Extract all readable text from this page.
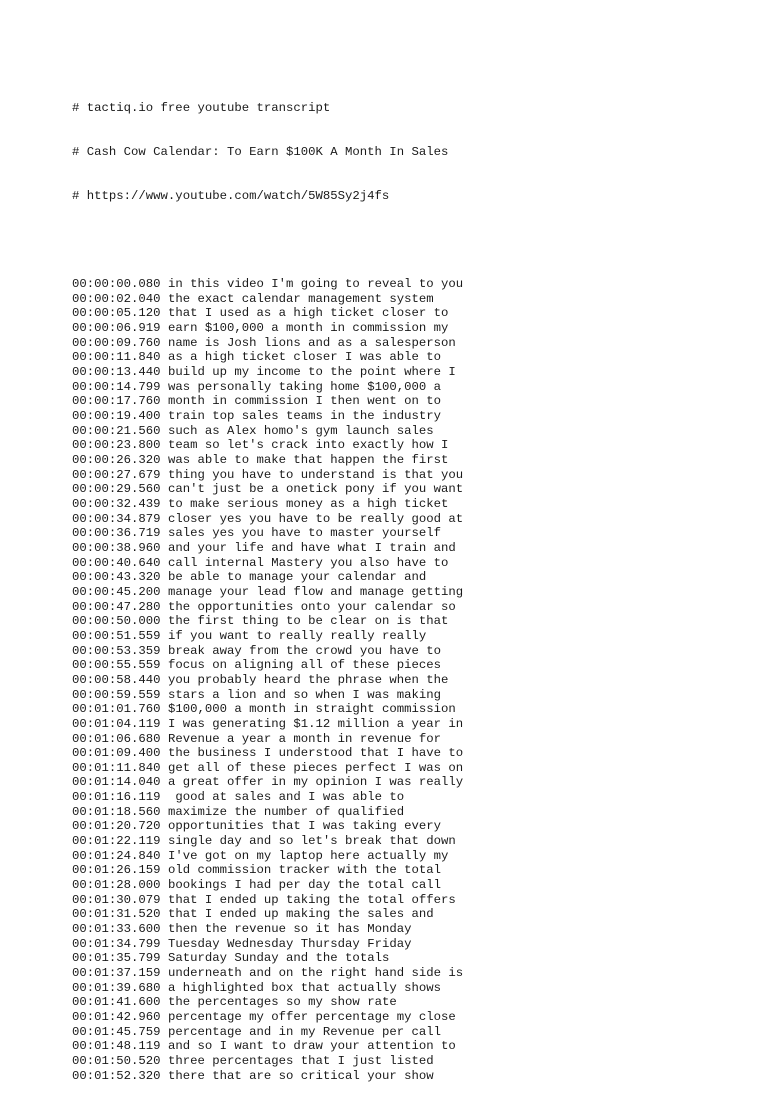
# tactiq.io free youtube transcript

# Cash Cow Calendar: To Earn $100K A Month In Sales

# https://www.youtube.com/watch/5W85Sy2j4fs

00:00:00.080 in this video I'm going to reveal to you
00:00:02.040 the exact calendar management system
00:00:05.120 that I used as a high ticket closer to
00:00:06.919 earn $100,000 a month in commission my
00:00:09.760 name is Josh lions and as a salesperson
00:00:11.840 as a high ticket closer I was able to
00:00:13.440 build up my income to the point where I
00:00:14.799 was personally taking home $100,000 a
00:00:17.760 month in commission I then went on to
00:00:19.400 train top sales teams in the industry
00:00:21.560 such as Alex homo's gym launch sales
00:00:23.800 team so let's crack into exactly how I
00:00:26.320 was able to make that happen the first
00:00:27.679 thing you have to understand is that you
00:00:29.560 can't just be a onetick pony if you want
00:00:32.439 to make serious money as a high ticket
00:00:34.879 closer yes you have to be really good at
00:00:36.719 sales yes you have to master yourself
00:00:38.960 and your life and have what I train and
00:00:40.640 call internal Mastery you also have to
00:00:43.320 be able to manage your calendar and
00:00:45.200 manage your lead flow and manage getting
00:00:47.280 the opportunities onto your calendar so
00:00:50.000 the first thing to be clear on is that
00:00:51.559 if you want to really really really
00:00:53.359 break away from the crowd you have to
00:00:55.559 focus on aligning all of these pieces
00:00:58.440 you probably heard the phrase when the
00:00:59.559 stars a lion and so when I was making
00:01:01.760 $100,000 a month in straight commission
00:01:04.119 I was generating $1.12 million a year in
00:01:06.680 Revenue a year a month in revenue for
00:01:09.400 the business I understood that I have to
00:01:11.840 get all of these pieces perfect I was on
00:01:14.040 a great offer in my opinion I was really
00:01:16.119  good at sales and I was able to
00:01:18.560 maximize the number of qualified
00:01:20.720 opportunities that I was taking every
00:01:22.119 single day and so let's break that down
00:01:24.840 I've got on my laptop here actually my
00:01:26.159 old commission tracker with the total
00:01:28.000 bookings I had per day the total call
00:01:30.079 that I ended up taking the total offers
00:01:31.520 that I ended up making the sales and
00:01:33.600 then the revenue so it has Monday
00:01:34.799 Tuesday Wednesday Thursday Friday
00:01:35.799 Saturday Sunday and the totals
00:01:37.159 underneath and on the right hand side is
00:01:39.680 a highlighted box that actually shows
00:01:41.600 the percentages so my show rate
00:01:42.960 percentage my offer percentage my close
00:01:45.759 percentage and in my Revenue per call
00:01:48.119 and so I want to draw your attention to
00:01:50.520 three percentages that I just listed
00:01:52.320 there that are so critical your show
